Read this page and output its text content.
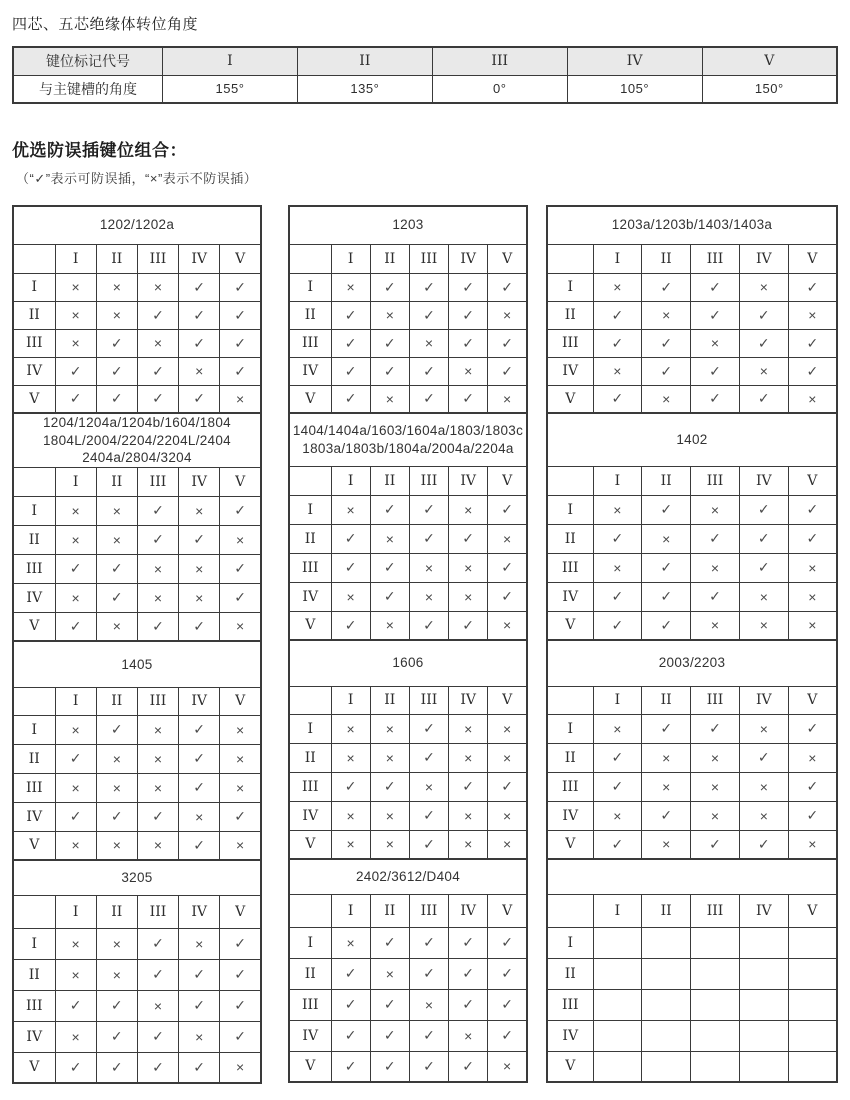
四芯、五芯绝缘体转位角度
键位标记代号	I	II	III	IV	V
与主键槽的角度	155°	135°	0°	105°	150°
优选防误插键位组合：
（“✓”表示可防误插，“×”表示不防误插）
1202/1202a					

	I	II	III	IV	V
I	×	×	×	✓	✓
II	×	×	✓	✓	✓
III	×	✓	×	✓	✓
IV	✓	✓	✓	×	✓
V	✓	✓	✓	✓	×
1204/1204a/1204b/1604/1804
1804L/2004/2204/2204L/2404
2404a/2804/3204					

	I	II	III	IV	V
I	×	×	✓	×	✓
II	×	×	✓	✓	×
III	✓	✓	×	×	✓
IV	×	✓	×	×	✓
V	✓	×	✓	✓	×
1405					

	I	II	III	IV	V
I	×	✓	×	✓	×
II	✓	×	×	✓	×
III	×	×	×	✓	×
IV	✓	✓	✓	×	✓
V	×	×	×	✓	×
3205					

	I	II	III	IV	V
I	×	×	✓	×	✓
II	×	×	✓	✓	✓
III	✓	✓	×	✓	✓
IV	×	✓	✓	×	✓
V	✓	✓	✓	✓	×
1203					

	I	II	III	IV	V
I	×	✓	✓	✓	✓
II	✓	×	✓	✓	×
III	✓	✓	×	✓	✓
IV	✓	✓	✓	×	✓
V	✓	×	✓	✓	×
1404/1404a/1603/1604a/1803/1803c
1803a/1803b/1804a/2004a/2204a					

	I	II	III	IV	V
I	×	✓	✓	×	✓
II	✓	×	✓	✓	×
III	✓	✓	×	×	✓
IV	×	✓	×	×	✓
V	✓	×	✓	✓	×
1606					

	I	II	III	IV	V
I	×	×	✓	×	×
II	×	×	✓	×	×
III	✓	✓	×	✓	✓
IV	×	×	✓	×	×
V	×	×	✓	×	×
2402/3612/D404					

	I	II	III	IV	V
I	×	✓	✓	✓	✓
II	✓	×	✓	✓	✓
III	✓	✓	×	✓	✓
IV	✓	✓	✓	×	✓
V	✓	✓	✓	✓	×
1203a/1203b/1403/1403a					

	I	II	III	IV	V
I	×	✓	✓	×	✓
II	✓	×	✓	✓	×
III	✓	✓	×	✓	✓
IV	×	✓	✓	×	✓
V	✓	×	✓	✓	×
1402					

	I	II	III	IV	V
I	×	✓	×	✓	✓
II	✓	×	✓	✓	✓
III	×	✓	×	✓	×
IV	✓	✓	✓	×	×
V	✓	✓	×	×	×
2003/2203					

	I	II	III	IV	V
I	×	✓	✓	×	✓
II	✓	×	×	✓	×
III	✓	×	×	×	✓
IV	×	✓	×	×	✓
V	✓	×	✓	✓	×

	I	II	III	IV	V
I					
II					
III					
IV					
V					
